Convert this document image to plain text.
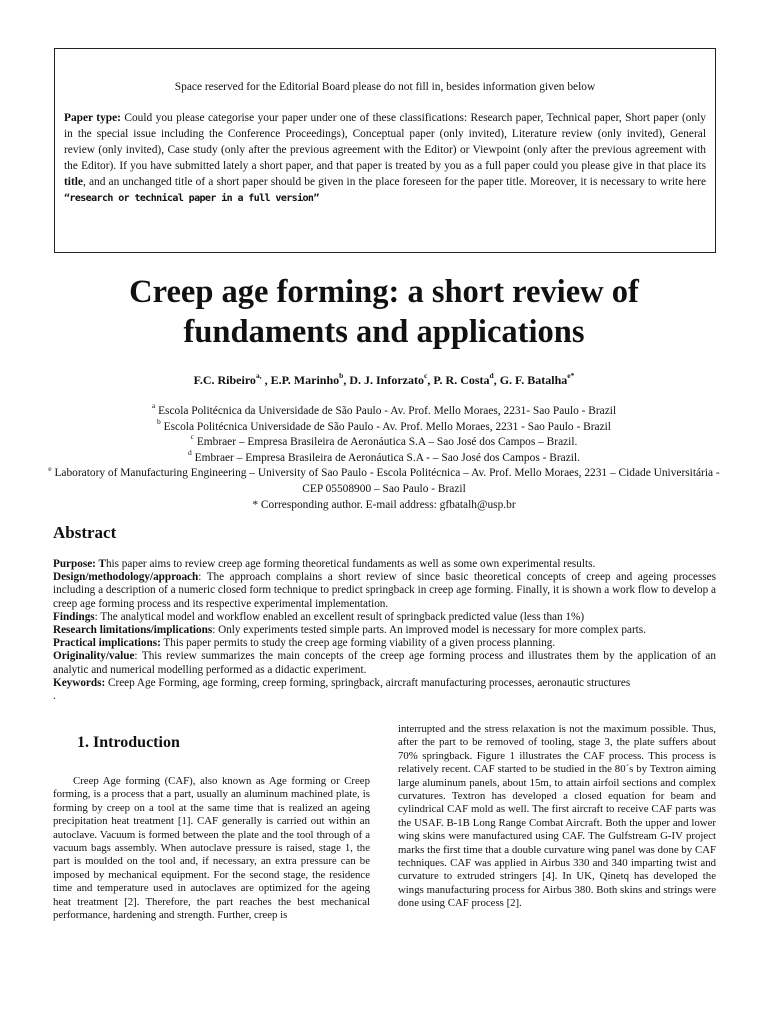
Space reserved for the Editorial Board please do not fill in, besides information given below
Paper type: Could you please categorise your paper under one of these classifications: Research paper, Technical paper, Short paper (only in the special issue including the Conference Proceedings), Conceptual paper (only invited), Literature review (only invited), General review (only invited), Case study (only after the previous agreement with the Editor) or Viewpoint (only after the previous agreement with the Editor). If you have submitted lately a short paper, and that paper is treated by you as a full paper could you please give in that place its title, and an unchanged title of a short paper should be given in the place foreseen for the paper title. Moreover, it is necessary to write here “research or technical paper in a full version”
Creep age forming: a short review of
fundaments and applications
F.C. Ribeiro$^{a,}$ , E.P. Marinho$^b$, D. J. Inforzato$^c$, P. R. Costa$^d$, G. F. Batalha$^{e*}$
$^a$ Escola Politécnica da Universidade de São Paulo - Av. Prof. Mello Moraes, 2231- Sao Paulo - Brazil
$^b$ Escola Politécnica Universidade de São Paulo - Av. Prof. Mello Moraes, 2231 - Sao Paulo - Brazil
$^c$ Embraer – Empresa Brasileira de Aeronáutica S.A – Sao José dos Campos – Brazil.
$^d$ Embraer – Empresa Brasileira de Aeronáutica S.A - – Sao José dos Campos - Brazil.
$^e$ Laboratory of Manufacturing Engineering – University of Sao Paulo - Escola Politécnica – Av. Prof. Mello Moraes, 2231 – Cidade Universitária - CEP 05508900 – Sao Paulo - Brazil
* Corresponding author. E-mail address: gfbatalh@usp.br
Abstract

Purpose: This paper aims to review creep age forming theoretical fundaments as well as some own experimental results.

Design/methodology/approach: The approach complains a short review of since basic theoretical concepts of creep and ageing processes including a description of a numeric closed form technique to predict springback in creep age forming. Finally, it is shown a work flow to develop a creep age forming process and its respective experimental implementation.

Findings: The analytical model and workflow enabled an excellent result of springback predicted value (less than 1%)

Research limitations/implications: Only experiments tested simple parts. An improved model is necessary for more complex parts.

Practical implications: This paper permits to study the creep age forming viability of a given process planning.

Originality/value: This review summarizes the main concepts of the creep age forming process and illustrates them by the application of an analytic and numerical modelling performed as a didactic experiment.

Keywords: Creep Age Forming, age forming, creep forming, springback, aircraft manufacturing processes, aeronautic structures

.

1. Introduction

Creep Age forming (CAF), also known as Age forming or Creep forming, is a process that a part, usually an aluminum machined plate, is forming by creep on a tool at the same time that is realized an ageing precipitation heat treatment [1]. CAF generally is carried out within an autoclave. Vacuum is formed between the plate and the tool through of a vacuum bags assembly. When autoclave pressure is raised, stage 1, the part is moulded on the tool and, if necessary, an extra pressure can be imposed by mechanical equipment. For the second stage, the residence time and temperature used in autoclaves are optimized for the ageing heat treatment [2]. Therefore, the part reaches the best mechanical performance, hardening and strength. Further, creep is

interrupted and the stress relaxation is not the maximum possible. Thus, after the part to be removed of tooling, stage 3, the plate suffers about 70% springback. Figure 1 illustrates the CAF process. This process is relatively recent. CAF started to be studied in the 80´s by Textron aiming large aluminum panels, about 15m, to attain airfoil sections and complex curvatures. Textron has developed a closed equation for beam and cylindrical CAF mold as well. The first aircraft to receive CAF parts was the USAF. B-1B Long Range Combat Aircraft. Both the upper and lower wing skins were manufactured using CAF. The Gulfstream G-IV project marks the first time that a double curvature wing panel was done by CAF techniques. CAF was applied in Airbus 330 and 340 imparting twist and curvature to extruded stringers [4]. In UK, Qinetq has developed the wings manufacturing process for Airbus 380. Both skins and strings were done using CAF process [2].
